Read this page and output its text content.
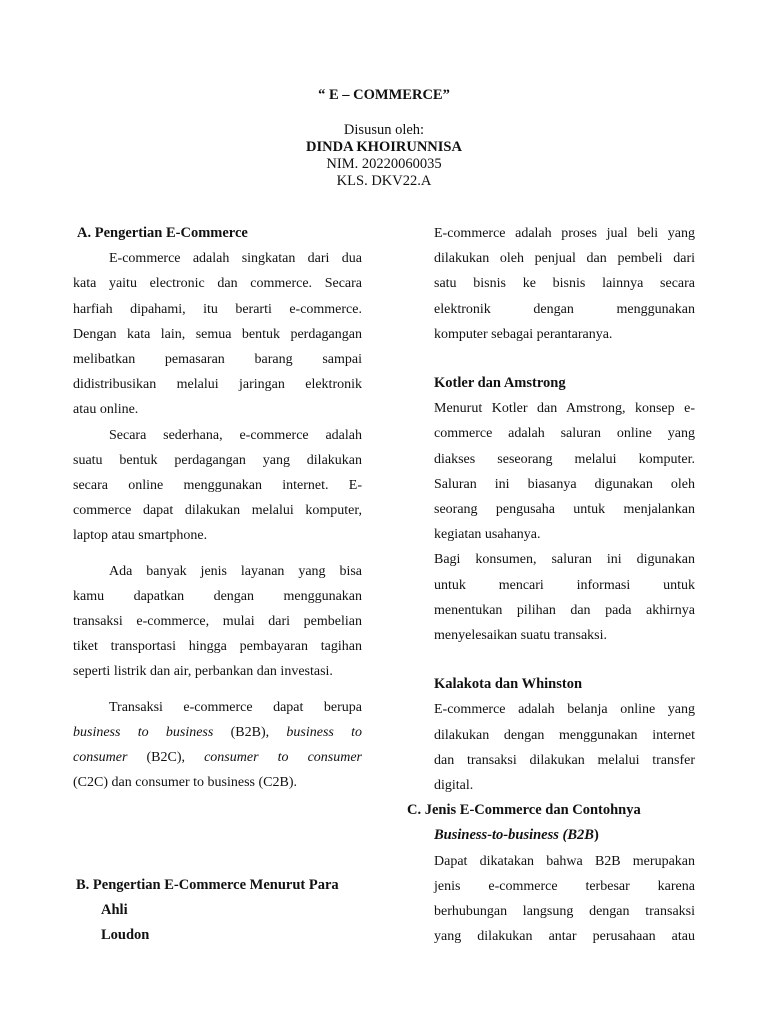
“ E – COMMERCE”
Disusun oleh:
DINDA KHOIRUNNISA
NIM. 20220060035
KLS. DKV22.A

A. Pengertian E-Commerce

E-commerce adalah singkatan dari dua

kata yaitu electronic dan commerce. Secara

harfiah dipahami, itu berarti e-commerce.

Dengan kata lain, semua bentuk perdagangan

melibatkan pemasaran barang sampai

didistribusikan melalui jaringan elektronik

atau online.

Secara sederhana, e-commerce adalah

suatu bentuk perdagangan yang dilakukan

secara online menggunakan internet. E-

commerce dapat dilakukan melalui komputer,

laptop atau smartphone.

Ada banyak jenis layanan yang bisa

kamu dapatkan dengan menggunakan

transaksi e-commerce, mulai dari pembelian

tiket transportasi hingga pembayaran tagihan

seperti listrik dan air, perbankan dan investasi.

Transaksi e-commerce dapat berupa

business to business (B2B), business to

consumer (B2C), consumer to consumer

(C2C) dan consumer to business (C2B).

B. Pengertian E-Commerce Menurut Para

Ahli

Loudon

E-commerce adalah proses jual beli yang

dilakukan oleh penjual dan pembeli dari

satu bisnis ke bisnis lainnya secara

elektronik dengan menggunakan

komputer sebagai perantaranya.

Kotler dan Amstrong

Menurut Kotler dan Amstrong, konsep e-

commerce adalah saluran online yang

diakses seseorang melalui komputer.

Saluran ini biasanya digunakan oleh

seorang pengusaha untuk menjalankan

kegiatan usahanya.

Bagi konsumen, saluran ini digunakan

untuk mencari informasi untuk

menentukan pilihan dan pada akhirnya

menyelesaikan suatu transaksi.

Kalakota dan Whinston

E-commerce adalah belanja online yang

dilakukan dengan menggunakan internet

dan transaksi dilakukan melalui transfer

digital.

C. Jenis E-Commerce dan Contohnya

Business-to-business (B2B)

Dapat dikatakan bahwa B2B merupakan

jenis e-commerce terbesar karena

berhubungan langsung dengan transaksi

yang dilakukan antar perusahaan atau
